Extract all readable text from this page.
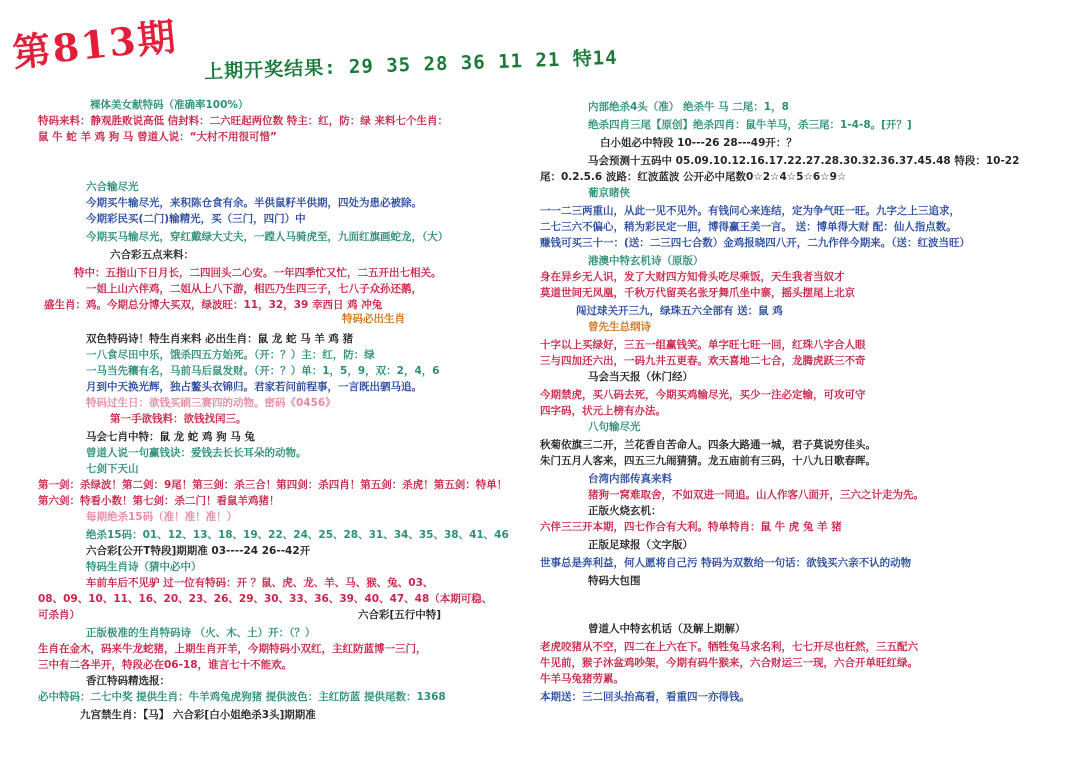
第813期 上期开奖结果: 29 35 28 36 11 21 特14
裸体美女献特码（准确率100%）
特码来料：静观胜败说高低 信封料：二六旺起两位数 特主：红，防：绿 来料七个生肖：
鼠 牛 蛇 羊 鸡 狗 马 曾道人说：“大村不用很可惜”
六合输尽光
今期买牛输尽光，来积陈仓食有余。半供鼠籽半供期，四处为患必被除。
今期彩民买(二门)输精光，买（三门，四门）中
今期买马输尽光，穿红戴绿大丈夫，一蹚人马骑虎至，九面红旗画蛇龙，（大）
六合彩五点来料：
特中：五指山下日月长，二四回头二心安。一年四季忙又忙，二五开出七相关。
一姐上山六伴鸡，二姐从上八下游，相匹乃生四三子，七八子众孙还鹅，
盛生肖：鸡。今期总分博大买双，绿波旺：11，32，39 幸西日 鸡 冲兔
特码必出生肖
双色特码诗！特生肖来料 必出生肖：鼠 龙 蛇 马 羊 鸡 猪
一八食尽田中乐，饿杀四五方始死。（开：？）主：红，防：绿
一马当先穰有名，马前马后鼠发财。（开：？）单：1，5，9，双：2，4，6
月到中天换光辉，独占鳌头衣锦归。君家若问前程事，一言既出驷马追。
特码过生日：欲钱买刷三赛四的动物。密码《0456》
第一手欲钱料：欲钱找闰三。
马会七肖中特：鼠 龙 蛇 鸡 狗 马 兔
曾道人说一句赢钱诀：爱钱去长长耳朵的动物。
七剑下天山
第一剑：杀绿波！第二剑：9尾！第三剑：杀三合！第四剑：杀四肖！第五剑：杀虎！第五剑：特单！
第六剑：特看小数！第七剑：杀二门！看鼠羊鸡猪！
每期绝杀15码（准！准！准！）
绝杀15码：01、12、13、18、19、22、24、25、28、31、34、35、38、41、46
六合彩[公开T特段]期期准 03----24 26--42开
特码生肖诗（猜中必中）
车前车后不见驴 过一位有特码：开 ？鼠、虎、龙、羊、马、猴、兔、03、
08、09、10、11、16、20、23、26、29、30、33、36、39、40、47、48（本期可稳、
可杀肖）	六合彩[五行中特]
正版极准的生肖特码诗 （火、木、土）开：（？）
生肖在金木，码来牛龙蛇猪，上期生肖开羊，今期特码小双红，主红防蓝博一三门，
三中有二各半开，特段必在06-18，谁言七十不能欢。
香江特码精选报：
必中特码：二七中奖 提供生肖：牛羊鸡兔虎狗猪 提供波色：主红防蓝 提供尾数：1368
九宫禁生肖：【马】 六合彩[白小姐绝杀3头]期期准
内部绝杀4头（准） 绝杀牛 马 二尾：1，8
绝杀四肖三尾【原创】绝杀四肖：鼠牛羊马，杀三尾：1-4-8。[开？]
白小姐必中特段 10---26 28---49开：？
马会预测十五码中 05.09.10.12.16.17.22.27.28.30.32.36.37.45.48 特段：10-22
尾：0.2.5.6 波路：红波蓝波 公开必中尾数0☆2☆4☆5☆6☆9☆
葡京睹侠
一一二三两重山，从此一见不见外。有钱问心来连结，定为争气旺一旺。九字之上三追求，
二七三六不偏心，稍为彩民定一胆，博得赢王美一言。 送：博单得大财 配：仙人指点数。
赚钱可买三十一：(送：二三四七合数）金鸡报晓四八开，二九作伴今期来。（送：红波当旺）
港澳中特玄机诗（原版）
身在异乡无人识，发了大财四方知骨头吃尽乘饭，天生我者当奴才
莫道世间无凤凰，千秋万代留英名张牙舞爪坐中寨，摇头摆尾上北京
闯过球关开三九，绿珠五六全部有 送：鼠 鸡
曾先生总纲诗
十字以上买绿好，三五一组赢钱笑。单字旺七旺一回，红珠八字合人眼
三与四加还六出，一码九井五更春。欢天喜地二七合，龙腾虎跃三不奇
马会当天报（休门经）
今期禁虎，买八码去死，今期买鸡输尽光，买少一注必定输，可攻可守
四字码，状元上榜有办法。
八句输尽光
秋菊依旗三二开，兰花香自苦命人。四条大路通一城，君子莫说穷佳头。
朱门五月人客来，四五三九闹猜猜。龙五庙前有三码，十八九日歌春晖。
台湾内部传真来料
猪狗一窝难取舍，不如双进一同追。山人作客八面开，三六之计走为先。
正版火烧玄机：
六伴三三开本期，四七作合有大利。特单特肖：鼠 牛 虎 兔 羊 猪
正版足球报（文字版）
世事总是奔利益，何人愿将自己污 特码为双数给一句话：欲钱买六亲不认的动物
特码大包围
曾道人中特玄机话（及解上期解）
老虎咬猪从不空，四二在上六在下。牺牲兔马求名利，七七开尽也枉然，三五配六
牛见前，猴子沐盆鸡吵架，今期有码牛猴来，六合财运三一现，六合开单旺红绿。
牛羊马兔猪劳累。
本期送：三二回头抬高看，看重四一亦得钱。
